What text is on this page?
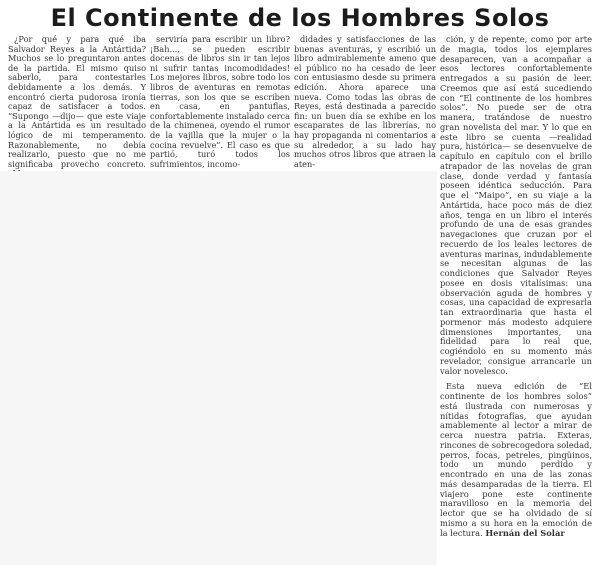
El Continente de los Hombres Solos

¿Por qué y para qué iba Salvador Reyes a la Antártida? Muchos se lo preguntaron antes de la partida. El mismo quiso saberlo, para contestarles debidamente a los demás. Y encontró cierta pudorosa ironía capaz de satisfacer a todos. “Supongo —dijo— que este viaje a la Antártida es un resultado lógico de mi temperamento. Razonablemente, no debía realizarlo, puesto que no me significaba provecho concreto.

serviría para escribir un libro? ¡Bah..., se pueden escribir docenas de libros sin ir tan lejos ni sufrir tantas incomodidades! Los mejores libros, sobre todo los libros de aventuras en remotas tierras, son los que se escriben en casa, en pantuflas, confortablemente instalado cerca de la chimenea, oyendo el rumor de la vajilla que la mujer o la cocina revuelve”. El caso es que partió, turó todos los sufrimientos, incomo-

didades y satisfacciones de las buenas aventuras, y escribió un libro admirablemente ameno que el público no ha cesado de leer con entusiasmo desde su primera edición. Ahora aparece una nueva. Como todas las obras de Reyes, está destinada a parecido fin: un buen día se exhibe en los escaparates de las librerías, no hay propaganda ni comentarios a su alrededor, a su lado hay muchos otros libros que atraen la aten-

ción, y de repente, como por arte de magia, todos los ejemplares desaparecen, van a acompañar a esos lectores confortablemente entregados a su pasión de leer. Creemos que así está sucediendo con “El continente de los hombres solos”. No puede ser de otra manera, tratándose de nuestro gran novelista del mar. Y lo que en este libro se cuenta —realidad pura, histórica— se desenvuelve de capítulo en capítulo con el brillo atrapador de las novelas de gran clase, donde verdad y fantasía poseen idéntica seducción. Para que el “Maipo”, en su viaje a la Antártida, hace poco más de diez años, tenga en un libro el interés profundo de una de esas grandes navegaciones que cruzan por el recuerdo de los leales lectores de aventuras marinas, indudablemente se necesitan algunas de las condiciones que Salvador Reyes posee en dosis vitalísimas: una observación aguda de hombres y cosas, una capacidad de expresarla tan extraordinaria que hasta el pormenor más modesto adquiere dimensiones importantes, una fidelidad para lo real que, cogiéndolo en su momento más revelador, consigue arrancarle un valor novelesco.

Esta nueva edición de “El continente de los hombres solos” está ilustrada con numerosas y nítidas fotografías, que ayudan amablemente al lector a mirar de cerca nuestra patria. Exteras, rincones de sobrecogedora soledad, perros, focas, petreles, pingüinos, todo un mundo perdido y encontrado en una de las zonas más desamparadas de la tierra. El viajero pone este continente maravilloso en la memoria del lector que se ha olvidado de sí mismo a su hora en la emoción de la lectura. Hernán del Solar
